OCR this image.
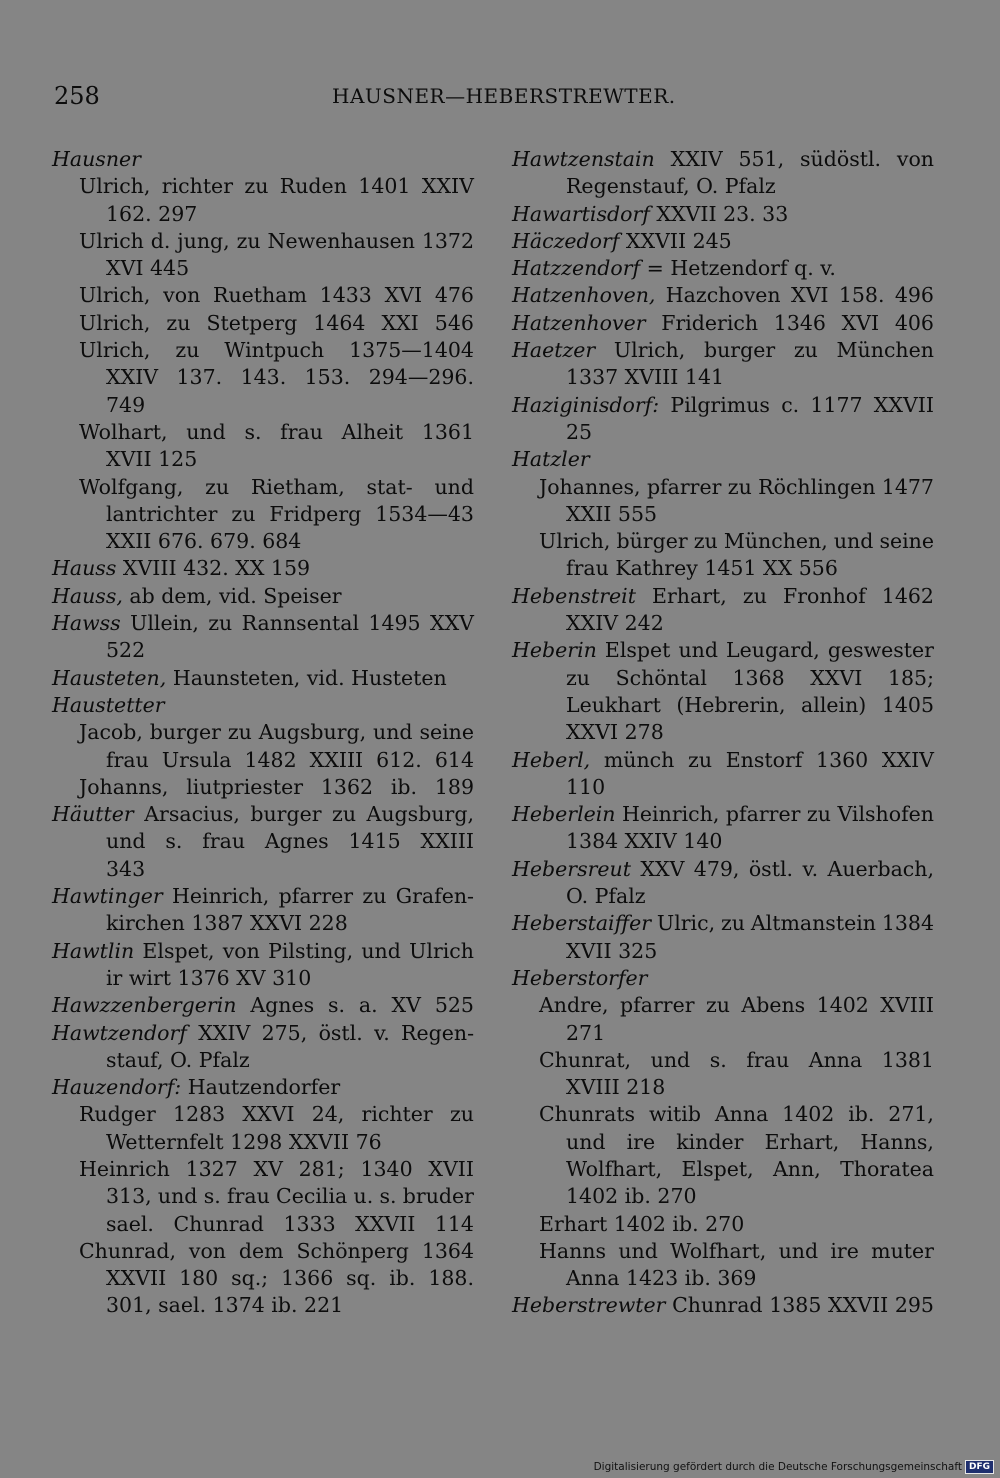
258	HAUSNER—HEBERSTREWTER.
Hausner
Ulrich, richter zu Ruden 1401 XXIV
162. 297
Ulrich d. jung, zu Newenhausen 1372
XVI 445
Ulrich, von Ruetham 1433 XVI 476
Ulrich, zu Stetperg 1464 XXI 546
Ulrich, zu Wintpuch 1375—1404
XXIV 137. 143. 153. 294—296.
749
Wolhart, und s. frau Alheit 1361
XVII 125
Wolfgang, zu Rietham, stat- und
lantrichter zu Fridperg 1534—43
XXII 676. 679. 684
Hauss XVIII 432. XX 159
Hauss, ab dem, vid. Speiser
Hawss Ullein, zu Rannsental 1495 XXV
522
Hausteten, Haunsteten, vid. Husteten
Haustetter
Jacob, burger zu Augsburg, und seine
frau Ursula 1482 XXIII 612. 614
Johanns, liutpriester 1362 ib. 189
Häutter Arsacius, burger zu Augsburg,
und s. frau Agnes 1415 XXIII
343
Hawtinger Heinrich, pfarrer zu Grafen-
kirchen 1387 XXVI 228
Hawtlin Elspet, von Pilsting, und Ulrich
ir wirt 1376 XV 310
Hawzzenbergerin Agnes s. a. XV 525
Hawtzendorf XXIV 275, östl. v. Regen-
stauf, O. Pfalz
Hauzendorf: Hautzendorfer
Rudger 1283 XXVI 24, richter zu
Wetternfelt 1298 XXVII 76
Heinrich 1327 XV 281; 1340 XVII
313, und s. frau Cecilia u. s. bruder
sael. Chunrad 1333 XXVII 114
Chunrad, von dem Schönperg 1364
XXVII 180 sq.; 1366 sq. ib. 188.
301, sael. 1374 ib. 221
Hawtzenstain XXIV 551, südöstl. von
Regenstauf, O. Pfalz
Hawartisdorf XXVII 23. 33
Häczedorf XXVII 245
Hatzzendorf = Hetzendorf q. v.
Hatzenhoven, Hazchoven XVI 158. 496
Hatzenhover Friderich 1346 XVI 406
Haetzer Ulrich, burger zu München
1337 XVIII 141
Haziginisdorf: Pilgrimus c. 1177 XXVII
25
Hatzler
Johannes, pfarrer zu Röchlingen 1477
XXII 555
Ulrich, bürger zu München, und seine
frau Kathrey 1451 XX 556
Hebenstreit Erhart, zu Fronhof 1462
XXIV 242
Heberin Elspet und Leugard, geswester
zu Schöntal 1368 XXVI 185;
Leukhart (Hebrerin, allein) 1405
XXVI 278
Heberl, münch zu Enstorf 1360 XXIV
110
Heberlein Heinrich, pfarrer zu Vilshofen
1384 XXIV 140
Hebersreut XXV 479, östl. v. Auerbach,
O. Pfalz
Heberstaiffer Ulric, zu Altmanstein 1384
XVII 325
Heberstorfer
Andre, pfarrer zu Abens 1402 XVIII
271
Chunrat, und s. frau Anna 1381
XVIII 218
Chunrats witib Anna 1402 ib. 271,
und ire kinder Erhart, Hanns,
Wolfhart, Elspet, Ann, Thoratea
1402 ib. 270
Erhart 1402 ib. 270
Hanns und Wolfhart, und ire muter
Anna 1423 ib. 369
Heberstrewter Chunrad 1385 XXVII 295
Digitalisierung gefördert durch die Deutsche Forschungsgemeinschaft DFG
